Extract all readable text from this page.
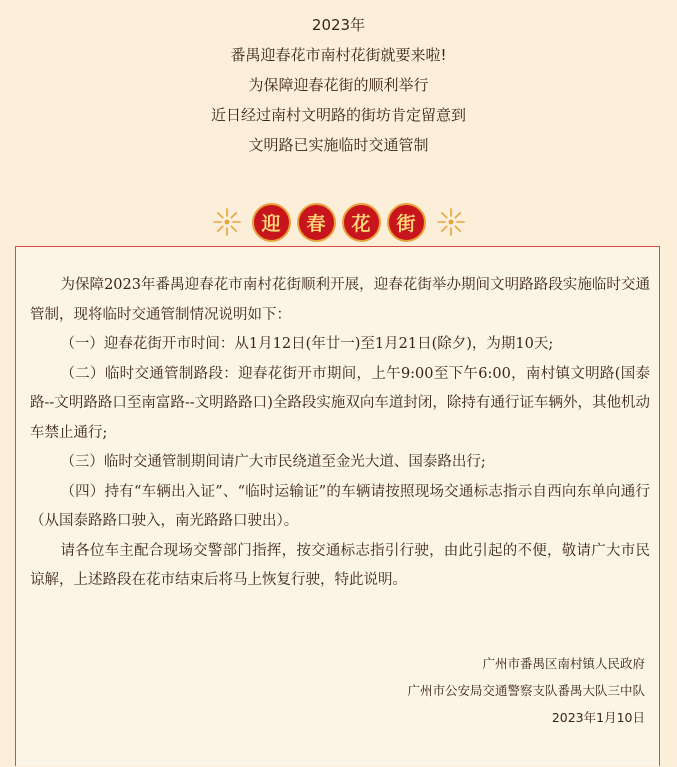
2023年
番禺迎春花市南村花街就要来啦!
为保障迎春花街的顺利举行
近日经过南村文明路的街坊肯定留意到
文明路已实施临时交通管制
迎	春	花	街

为保障2023年番禺迎春花市南村花街顺利开展，迎春花街举办期间文明路路段实施临时交通管制，现将临时交通管制情况说明如下：

（一）迎春花街开市时间：从1月12日(年廿一)至1月21日(除夕)，为期10天;

（二）临时交通管制路段：迎春花街开市期间，上午9:00至下午6:00，南村镇文明路(国泰路--文明路路口至南富路--文明路路口)全路段实施双向车道封闭，除持有通行证车辆外，其他机动车禁止通行;

（三）临时交通管制期间请广大市民绕道至金光大道、国泰路出行;

（四）持有“车辆出入证”、“临时运输证”的车辆请按照现场交通标志指示自西向东单向通行（从国泰路路口驶入，南光路路口驶出）。

请各位车主配合现场交警部门指挥，按交通标志指引行驶，由此引起的不便，敬请广大市民谅解，上述路段在花市结束后将马上恢复行驶，特此说明。

广州市番禺区南村镇人民政府
广州市公安局交通警察支队番禺大队三中队
2023年1月10日
